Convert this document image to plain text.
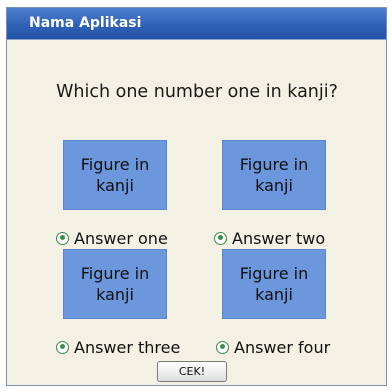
Nama Aplikasi
Which one number one in kanji?
Figure in kanji
Figure in kanji
Answer one	Answer two
Figure in kanji
Figure in kanji
Answer three	Answer four
CEK!
